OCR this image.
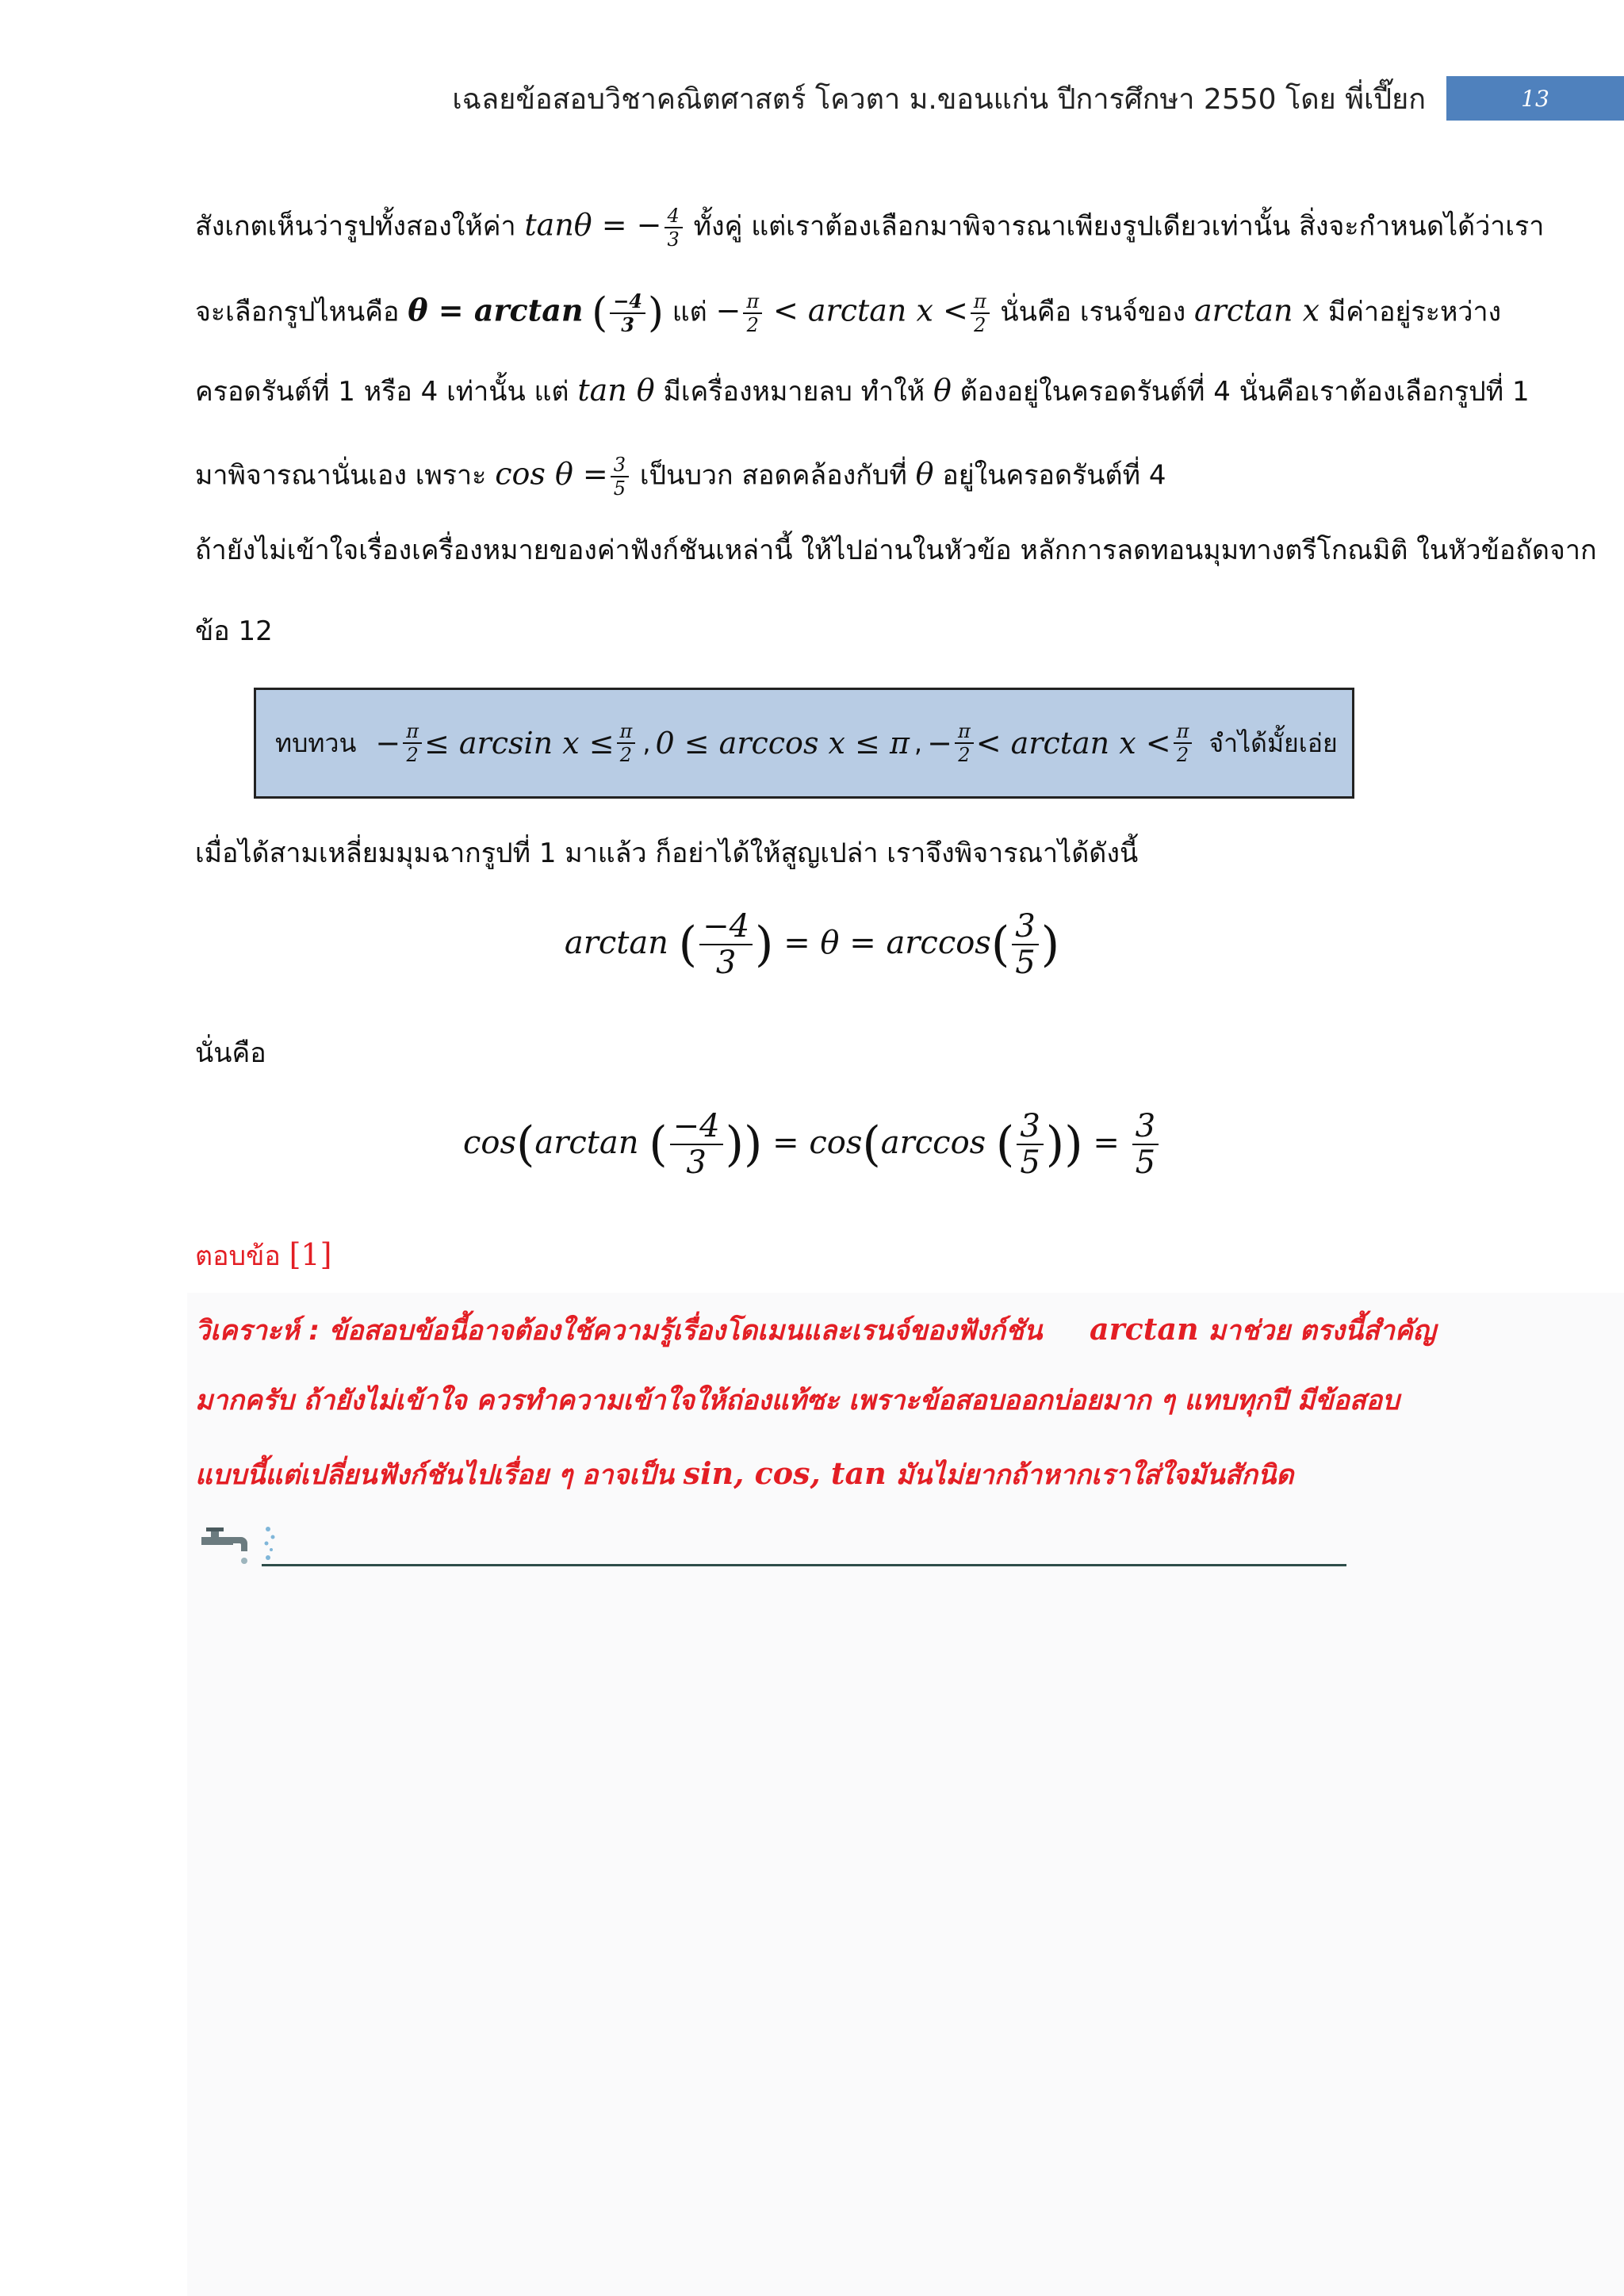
เฉลยข้อสอบวิชาคณิตศาสตร์ โควตา ม.ขอนแก่น ปีการศึกษา 2550 โดย พี่เปี๊ยก	13
สังเกตเห็นว่ารูปทั้งสองให้ค่า tanθ = − $\frac{4}{3}$ ทั้งคู่ แต่เราต้องเลือกมาพิจารณาเพียงรูปเดียวเท่านั้น สิ่งจะกำหนดได้ว่าเรา
จะเลือกรูปไหนคือ θ = arctan ( $\frac{-4}{3}$ ) แต่ − $\frac{\pi}{2} < \arctan x < \frac{\pi}{2}$ นั่นคือ เรนจ์ของ arctan x มีค่าอยู่ระหว่าง
ครอดรันต์ที่ 1 หรือ 4 เท่านั้น แต่ tan θ มีเครื่องหมายลบ ทำให้ θ ต้องอยู่ในครอดรันต์ที่ 4 นั่นคือเราต้องเลือกรูปที่ 1
มาพิจารณานั่นเอง เพราะ $\cos \theta = \frac{3}{5}$ เป็นบวก สอดคล้องกับที่ θ อยู่ในครอดรันต์ที่ 4
ถ้ายังไม่เข้าใจเรื่องเครื่องหมายของค่าฟังก์ชันเหล่านี้ ให้ไปอ่านในหัวข้อ หลักการลดทอนมุมทางตรีโกณมิติ ในหัวข้อถัดจาก
ข้อ 12
ทบทวน − $\frac{\pi}{2} \le \arcsin x \le \frac{\pi}{2}$ , 0 ≤ arccos x ≤ π , − $\frac{\pi}{2} < \arctan x < \frac{\pi}{2}$ จำได้มั้ยเอ่ย
เมื่อได้สามเหลี่ยมมุมฉากรูปที่ 1 มาแล้ว ก็อย่าได้ให้สูญเปล่า เราจึงพิจารณาได้ดังนี้
arctan ( $\frac{-4}{3}$ ) = $\theta = \arccos( \frac{3}{5}$ )
นั่นคือ
cos(arctan ( $\frac{-4}{3}$ )) = cos(arccos ( $\frac{3}{5}$ )) = $\frac{3}{5}$
ตอบข้อ [1]
วิเคราะห์ : ข้อสอบข้อนี้อาจต้องใช้ความรู้เรื่องโดเมนและเรนจ์ของฟังก์ชัน arctan มาช่วย ตรงนี้สำคัญ
มากครับ ถ้ายังไม่เข้าใจ ควรทำความเข้าใจให้ถ่องแท้ซะ เพราะข้อสอบออกบ่อยมาก ๆ แทบทุกปี มีข้อสอบ
แบบนี้แต่เปลี่ยนฟังก์ชันไปเรื่อย ๆ อาจเป็น sin, cos, tan มันไม่ยากถ้าหากเราใส่ใจมันสักนิด
